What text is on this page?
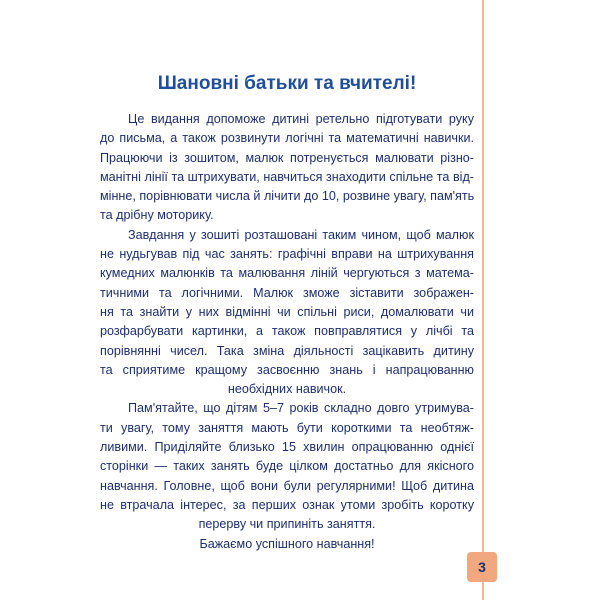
Шановні батьки та вчителі!
Це видання допоможе дитині ретельно підготувати руку
до письма, а також розвинути логічні та математичні навички.
Працюючи із зошитом, малюк потренується малювати різно-
манітні лінії та штрихувати, навчиться знаходити спільне та від-
мінне, порівнювати числа й лічити до 10, розвине увагу, пам'ять
та дрібну моторику.
Завдання у зошиті розташовані таким чином, щоб малюк
не нудьгував під час занять: графічні вправи на штрихування
кумедних малюнків та малювання ліній чергуються з матема-
тичними та логічними. Малюк зможе зіставити зображен-
ня та знайти у них відмінні чи спільні риси, домалювати чи
розфарбувати картинки, а також повправлятися у лічбі та
порівнянні чисел. Така зміна діяльності зацікавить дитину
та сприятиме кращому засвоєнню знань і напрацюванню
необхідних навичок.
Пам'ятайте, що дітям 5–7 років складно довго утримува-
ти увагу, тому заняття мають бути короткими та необтяж-
ливими. Приділяйте близько 15 хвилин опрацюванню однієї
сторінки — таких занять буде цілком достатньо для якісного
навчання. Головне, щоб вони були регулярними! Щоб дитина
не втрачала інтерес, за перших ознак утоми зробіть коротку
перерву чи припиніть заняття.
Бажаємо успішного навчання!
3
